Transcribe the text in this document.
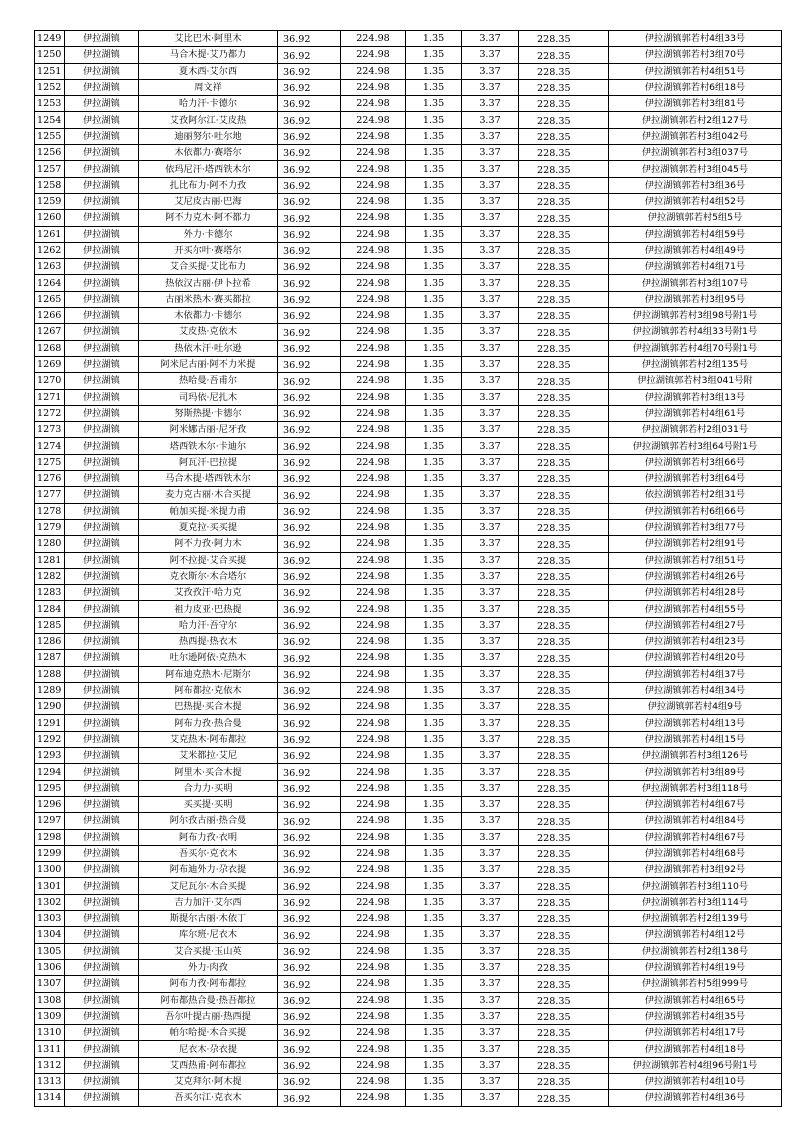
1249	伊拉湖镇	艾比巴木·阿里木	36.92	224.98	1.35	3.37	228.35	伊拉湖镇郭若村4组33号
1250	伊拉湖镇	马合木提·艾乃都力	36.92	224.98	1.35	3.37	228.35	伊拉湖镇郭若村3组70号
1251	伊拉湖镇	夏木西·艾尔西	36.92	224.98	1.35	3.37	228.35	伊拉湖镇郭若村4组51号
1252	伊拉湖镇	周文祥	36.92	224.98	1.35	3.37	228.35	伊拉湖镇郭若村6组18号
1253	伊拉湖镇	哈力汗·卡德尔	36.92	224.98	1.35	3.37	228.35	伊拉湖镇郭若村3组81号
1254	伊拉湖镇	艾孜阿尔江·艾皮热	36.92	224.98	1.35	3.37	228.35	伊拉湖镇郭若村2组127号
1255	伊拉湖镇	迪丽努尔·吐尔地	36.92	224.98	1.35	3.37	228.35	伊拉湖镇郭若村3组042号
1256	伊拉湖镇	木依都力·赛塔尔	36.92	224.98	1.35	3.37	228.35	伊拉湖镇郭若村3组037号
1257	伊拉湖镇	依玛尼汗·塔西铁木尔	36.92	224.98	1.35	3.37	228.35	伊拉湖镇郭若村3组045号
1258	伊拉湖镇	扎比布力·阿不力孜	36.92	224.98	1.35	3.37	228.35	伊拉湖镇郭若村3组36号
1259	伊拉湖镇	艾尼皮古丽·巴海	36.92	224.98	1.35	3.37	228.35	伊拉湖镇郭若村4组52号
1260	伊拉湖镇	阿不力克木·阿不都力	36.92	224.98	1.35	3.37	228.35	伊拉湖镇郭若村5组5号
1261	伊拉湖镇	外力·卡德尔	36.92	224.98	1.35	3.37	228.35	伊拉湖镇郭若村4组59号
1262	伊拉湖镇	开买尔叶·赛塔尔	36.92	224.98	1.35	3.37	228.35	伊拉湖镇郭若村4组49号
1263	伊拉湖镇	艾合买提·艾比布力	36.92	224.98	1.35	3.37	228.35	伊拉湖镇郭若村4组71号
1264	伊拉湖镇	热依汉古丽·伊卜拉希	36.92	224.98	1.35	3.37	228.35	伊拉湖镇郭若村3组107号
1265	伊拉湖镇	古丽米热木·赛买都拉	36.92	224.98	1.35	3.37	228.35	伊拉湖镇郭若村3组95号
1266	伊拉湖镇	木依都力·卡德尔	36.92	224.98	1.35	3.37	228.35	伊拉湖镇郭若村3组98号附1号
1267	伊拉湖镇	艾皮热·克依木	36.92	224.98	1.35	3.37	228.35	伊拉湖镇郭若村4组33号附1号
1268	伊拉湖镇	热依木汗·吐尔逊	36.92	224.98	1.35	3.37	228.35	伊拉湖镇郭若村4组70号附1号
1269	伊拉湖镇	阿米尼古丽·阿不力米提	36.92	224.98	1.35	3.37	228.35	伊拉湖镇郭若村2组135号
1270	伊拉湖镇	热哈曼·吾甫尔	36.92	224.98	1.35	3.37	228.35	伊拉湖镇郭若村3组041号附
1271	伊拉湖镇	司玛依·尼扎木	36.92	224.98	1.35	3.37	228.35	伊拉湖镇郭若村3组13号
1272	伊拉湖镇	努斯热提·卡德尔	36.92	224.98	1.35	3.37	228.35	伊拉湖镇郭若村4组61号
1273	伊拉湖镇	阿米娜古丽·尼牙孜	36.92	224.98	1.35	3.37	228.35	伊拉湖镇郭若村2组031号
1274	伊拉湖镇	塔西铁木尔·卡迪尔	36.92	224.98	1.35	3.37	228.35	伊拉湖镇郭若村3组64号附1号
1275	伊拉湖镇	阿瓦汗·巴拉提	36.92	224.98	1.35	3.37	228.35	伊拉湖镇郭若村3组66号
1276	伊拉湖镇	马合木提·塔西铁木尔	36.92	224.98	1.35	3.37	228.35	伊拉湖镇郭若村3组64号
1277	伊拉湖镇	麦力克古丽·木合买提	36.92	224.98	1.35	3.37	228.35	依拉湖镇郭若村2组31号
1278	伊拉湖镇	帕加买提·米提力甫	36.92	224.98	1.35	3.37	228.35	伊拉湖镇郭若村6组66号
1279	伊拉湖镇	夏克拉·买买提	36.92	224.98	1.35	3.37	228.35	伊拉湖镇郭若村3组77号
1280	伊拉湖镇	阿不力孜·阿力木	36.92	224.98	1.35	3.37	228.35	伊拉湖镇郭若村2组91号
1281	伊拉湖镇	阿不拉提·艾合买提	36.92	224.98	1.35	3.37	228.35	伊拉湖镇郭若村7组51号
1282	伊拉湖镇	克衣斯尔·木合塔尔	36.92	224.98	1.35	3.37	228.35	伊拉湖镇郭若村4组26号
1283	伊拉湖镇	艾孜孜汗·哈力克	36.92	224.98	1.35	3.37	228.35	伊拉湖镇郭若村4组28号
1284	伊拉湖镇	祖力皮亚·巴热提	36.92	224.98	1.35	3.37	228.35	伊拉湖镇郭若村4组55号
1285	伊拉湖镇	哈力汗·吾守尔	36.92	224.98	1.35	3.37	228.35	伊拉湖镇郭若村4组27号
1286	伊拉湖镇	热西提·热衣木	36.92	224.98	1.35	3.37	228.35	伊拉湖镇郭若村4组23号
1287	伊拉湖镇	吐尔逊阿依·克热木	36.92	224.98	1.35	3.37	228.35	伊拉湖镇郭若村4组20号
1288	伊拉湖镇	阿布迪克热木·尼斯尔	36.92	224.98	1.35	3.37	228.35	伊拉湖镇郭若村4组37号
1289	伊拉湖镇	阿布都拉·克依木	36.92	224.98	1.35	3.37	228.35	伊拉湖镇郭若村4组34号
1290	伊拉湖镇	巴热提·买合木提	36.92	224.98	1.35	3.37	228.35	伊拉湖镇郭若村4组9号
1291	伊拉湖镇	阿布力孜·热合曼	36.92	224.98	1.35	3.37	228.35	伊拉湖镇郭若村4组13号
1292	伊拉湖镇	艾克热木·阿布都拉	36.92	224.98	1.35	3.37	228.35	伊拉湖镇郭若村4组15号
1293	伊拉湖镇	艾米都拉·艾尼	36.92	224.98	1.35	3.37	228.35	伊拉湖镇郭若村3组126号
1294	伊拉湖镇	阿里木·买合木提	36.92	224.98	1.35	3.37	228.35	伊拉湖镇郭若村3组89号
1295	伊拉湖镇	合力力·买明	36.92	224.98	1.35	3.37	228.35	伊拉湖镇郭若村3组118号
1296	伊拉湖镇	买买提·买明	36.92	224.98	1.35	3.37	228.35	伊拉湖镇郭若村4组67号
1297	伊拉湖镇	阿尔孜古丽·热合曼	36.92	224.98	1.35	3.37	228.35	伊拉湖镇郭若村4组84号
1298	伊拉湖镇	阿布力孜·衣明	36.92	224.98	1.35	3.37	228.35	伊拉湖镇郭若村4组67号
1299	伊拉湖镇	吾买尔·克衣木	36.92	224.98	1.35	3.37	228.35	伊拉湖镇郭若村4组68号
1300	伊拉湖镇	阿布迪外力·尕衣提	36.92	224.98	1.35	3.37	228.35	伊拉湖镇郭若村3组92号
1301	伊拉湖镇	艾尼瓦尔·木合买提	36.92	224.98	1.35	3.37	228.35	伊拉湖镇郭若村3组110号
1302	伊拉湖镇	吉力加汗·艾尔西	36.92	224.98	1.35	3.37	228.35	伊拉湖镇郭若村3组114号
1303	伊拉湖镇	斯提尔古丽·木依丁	36.92	224.98	1.35	3.37	228.35	伊拉湖镇郭若村2组139号
1304	伊拉湖镇	库尔班·尼衣木	36.92	224.98	1.35	3.37	228.35	伊拉湖镇郭若村4组12号
1305	伊拉湖镇	艾合买提·玉山英	36.92	224.98	1.35	3.37	228.35	伊拉湖镇郭若村2组138号
1306	伊拉湖镇	外力·肉孜	36.92	224.98	1.35	3.37	228.35	伊拉湖镇郭若村4组19号
1307	伊拉湖镇	阿布力孜·阿布都拉	36.92	224.98	1.35	3.37	228.35	伊拉湖镇郭若村5组999号
1308	伊拉湖镇	阿布都热合曼·热吾都拉	36.92	224.98	1.35	3.37	228.35	伊拉湖镇郭若村4组65号
1309	伊拉湖镇	吾尔叶提古丽·热西提	36.92	224.98	1.35	3.37	228.35	伊拉湖镇郭若村4组35号
1310	伊拉湖镇	帕尔哈提·木合买提	36.92	224.98	1.35	3.37	228.35	伊拉湖镇郭若村4组17号
1311	伊拉湖镇	尼衣木·尕衣提	36.92	224.98	1.35	3.37	228.35	伊拉湖镇郭若村4组18号
1312	伊拉湖镇	艾西热甫·阿布都拉	36.92	224.98	1.35	3.37	228.35	伊拉湖镇郭若村4组96号附1号
1313	伊拉湖镇	艾克拜尔·阿木提	36.92	224.98	1.35	3.37	228.35	伊拉湖镇郭若村4组10号
1314	伊拉湖镇	吾买尔江·克衣木	36.92	224.98	1.35	3.37	228.35	伊拉湖镇郭若村4组36号
